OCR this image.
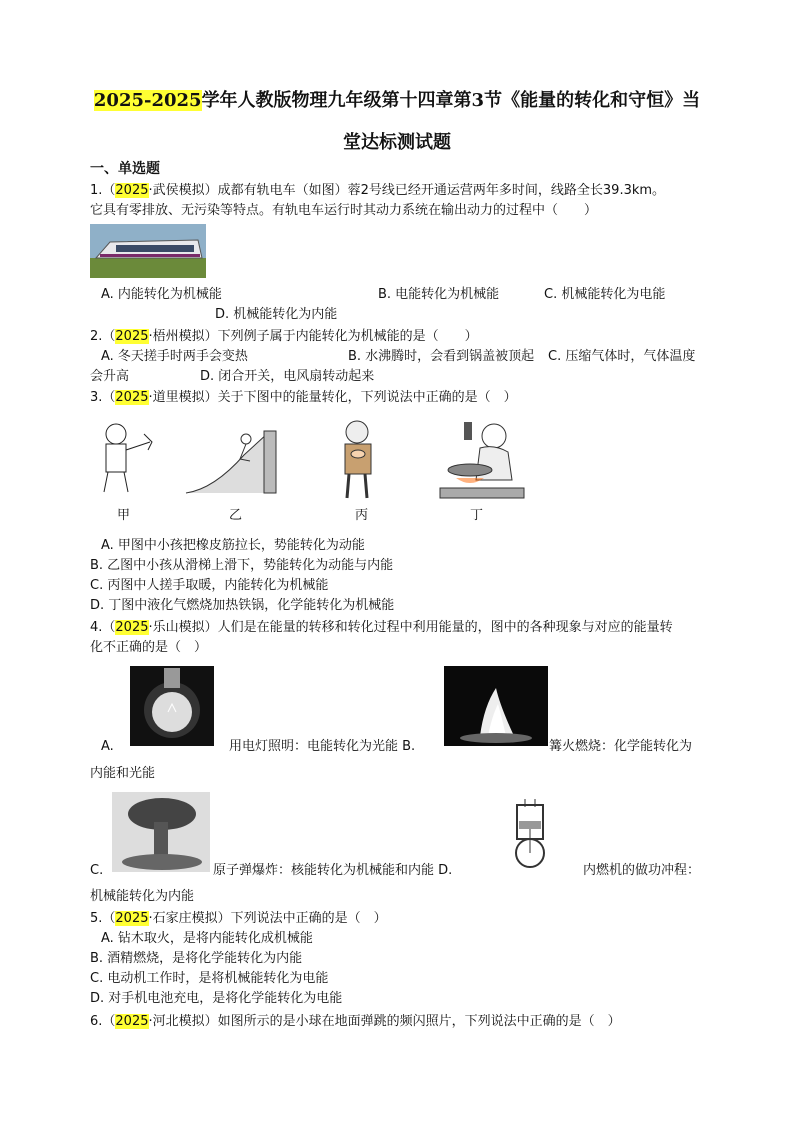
2025-2025学年人教版物理九年级第十四章第3节《能量的转化和守恒》当
堂达标测试题
一、单选题
1.（2025·武侯模拟）成都有轨电车（如图）蓉2号线已经开通运营两年多时间，线路全长39.3km。
它具有零排放、无污染等特点。有轨电车运行时其动力系统在输出动力的过程中（　　）
A. 内能转化为机械能	B. 电能转化为机械能	C. 机械能转化为电能
D. 机械能转化为内能
2.（2025·梧州模拟）下列例子属于内能转化为机械能的是（　　）
A. 冬天搓手时两手会变热	B. 水沸腾时，会看到锅盖被顶起 C. 压缩气体时，气体温度
会升高	D. 闭合开关，电风扇转动起来
3.（2025·道里模拟）关于下图中的能量转化，下列说法中正确的是（　）
甲	乙	丙	丁
A. 甲图中小孩把橡皮筋拉长，势能转化为动能
B. 乙图中小孩从滑梯上滑下，势能转化为动能与内能
C. 丙图中人搓手取暖，内能转化为机械能
D. 丁图中液化气燃烧加热铁锅，化学能转化为机械能
4.（2025·乐山模拟）人们是在能量的转移和转化过程中利用能量的，图中的各种现象与对应的能量转
化不正确的是（　）
A.	用电灯照明：电能转化为光能 B.	篝火燃烧：化学能转化为
内能和光能
C.	原子弹爆炸：核能转化为机械能和内能 D.	内燃机的做功冲程：
机械能转化为内能
5.（2025·石家庄模拟）下列说法中正确的是（　）
A. 钻木取火，是将内能转化成机械能
B. 酒精燃烧，是将化学能转化为内能
C. 电动机工作时，是将机械能转化为电能
D. 对手机电池充电，是将化学能转化为电能
6.（2025·河北模拟）如图所示的是小球在地面弹跳的频闪照片，下列说法中正确的是（　）
